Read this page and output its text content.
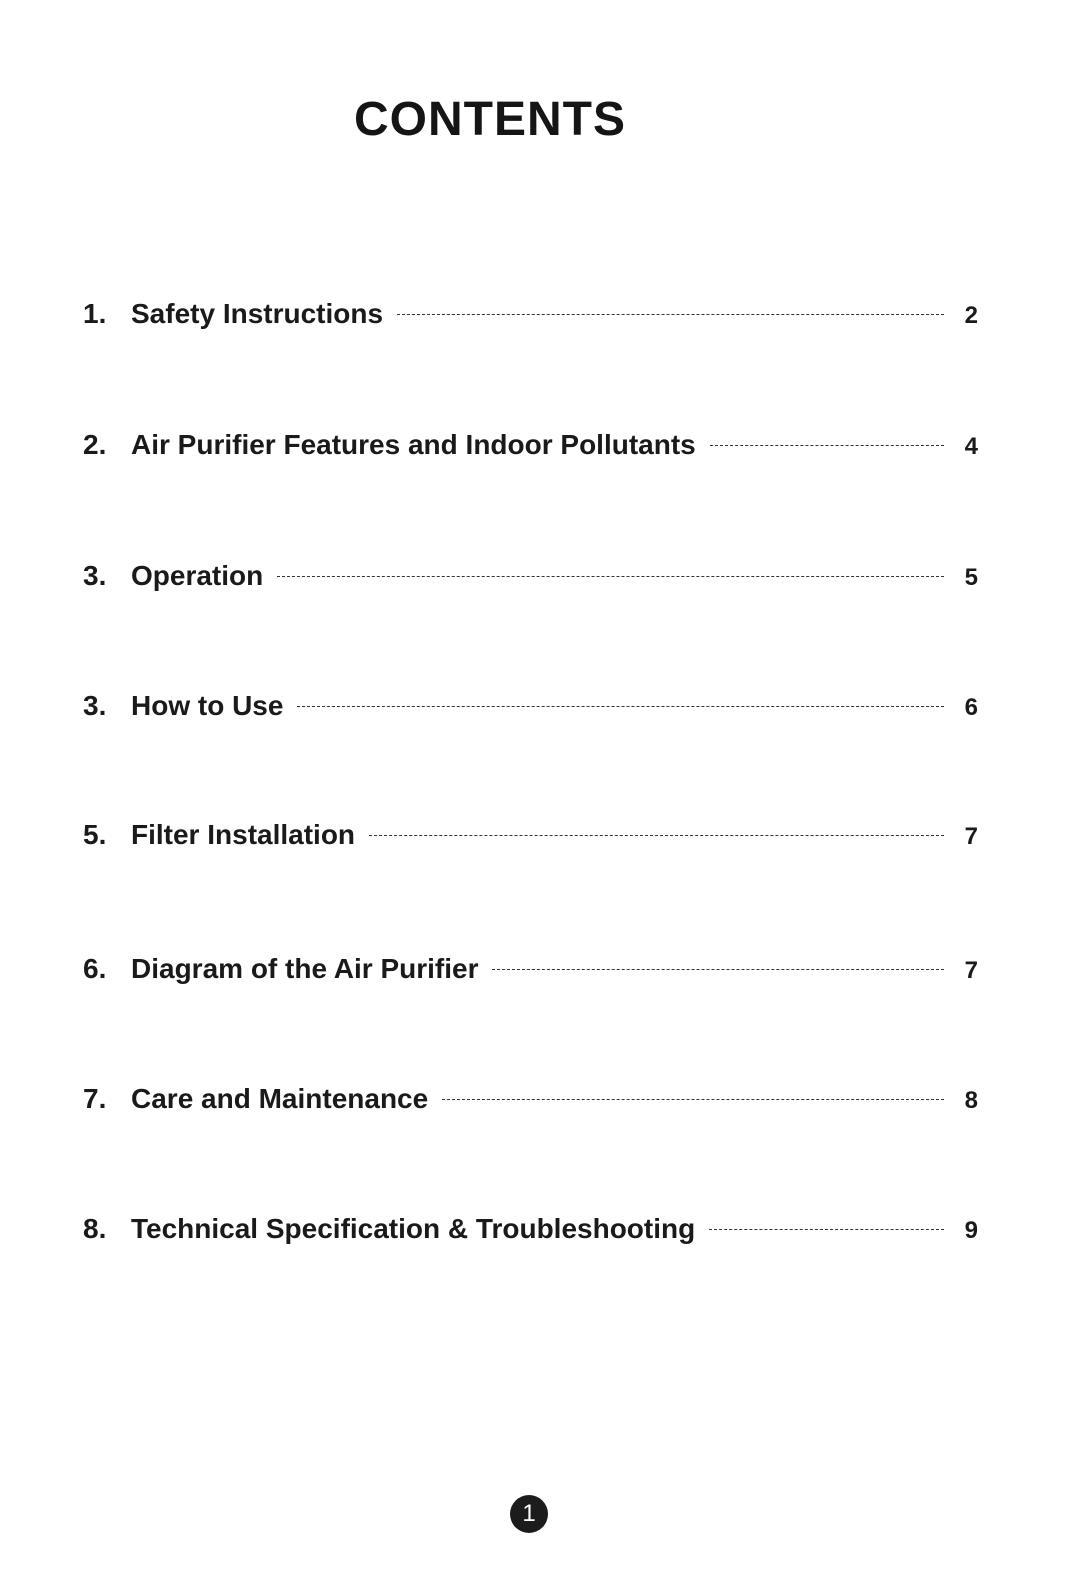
CONTENTS
1. Safety Instructions	2
2. Air Purifier Features and Indoor Pollutants	4
3. Operation	5
3. How to Use	6
5. Filter Installation	7
6. Diagram of the Air Purifier	7
7. Care and Maintenance	8
8. Technical Specification & Troubleshooting	9
1
